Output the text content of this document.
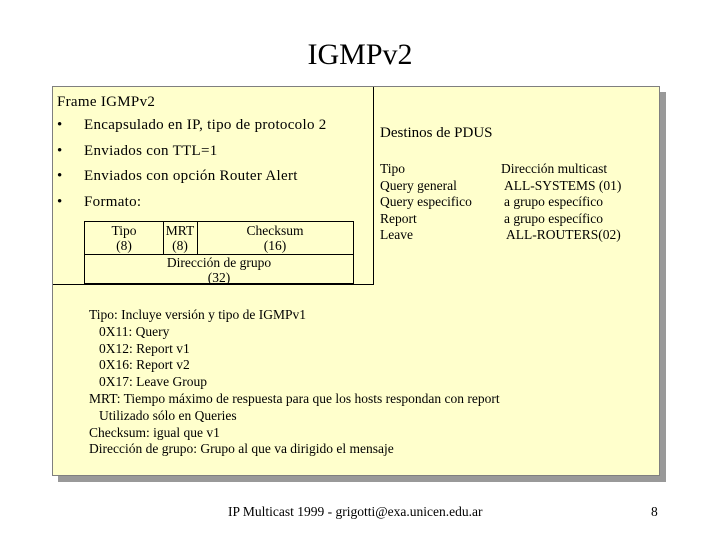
IGMPv2
Frame IGMPv2
• Encapsulado en IP, tipo de protocolo 2
• Enviados con TTL=1
• Enviados con opción Router Alert
• Formato:
Tipo
(8)
MRT
(8)
Checksum
(16)
Dirección de grupo
(32)
Destinos de PDUS
Tipo
Query general
Query especifico
Report
Leave
Dirección multicast
ALL-SYSTEMS (01)
a grupo específico
a grupo específico
ALL-ROUTERS(02)
Tipo: Incluye versión y tipo de IGMPv1
0X11: Query
0X12: Report v1
0X16: Report v2
0X17: Leave Group
MRT: Tiempo máximo de respuesta para que los hosts respondan con report
Utilizado sólo en Queries
Checksum: igual que v1
Dirección de grupo: Grupo al que va dirigido el mensaje
IP Multicast 1999 - grigotti@exa.unicen.edu.ar	8
